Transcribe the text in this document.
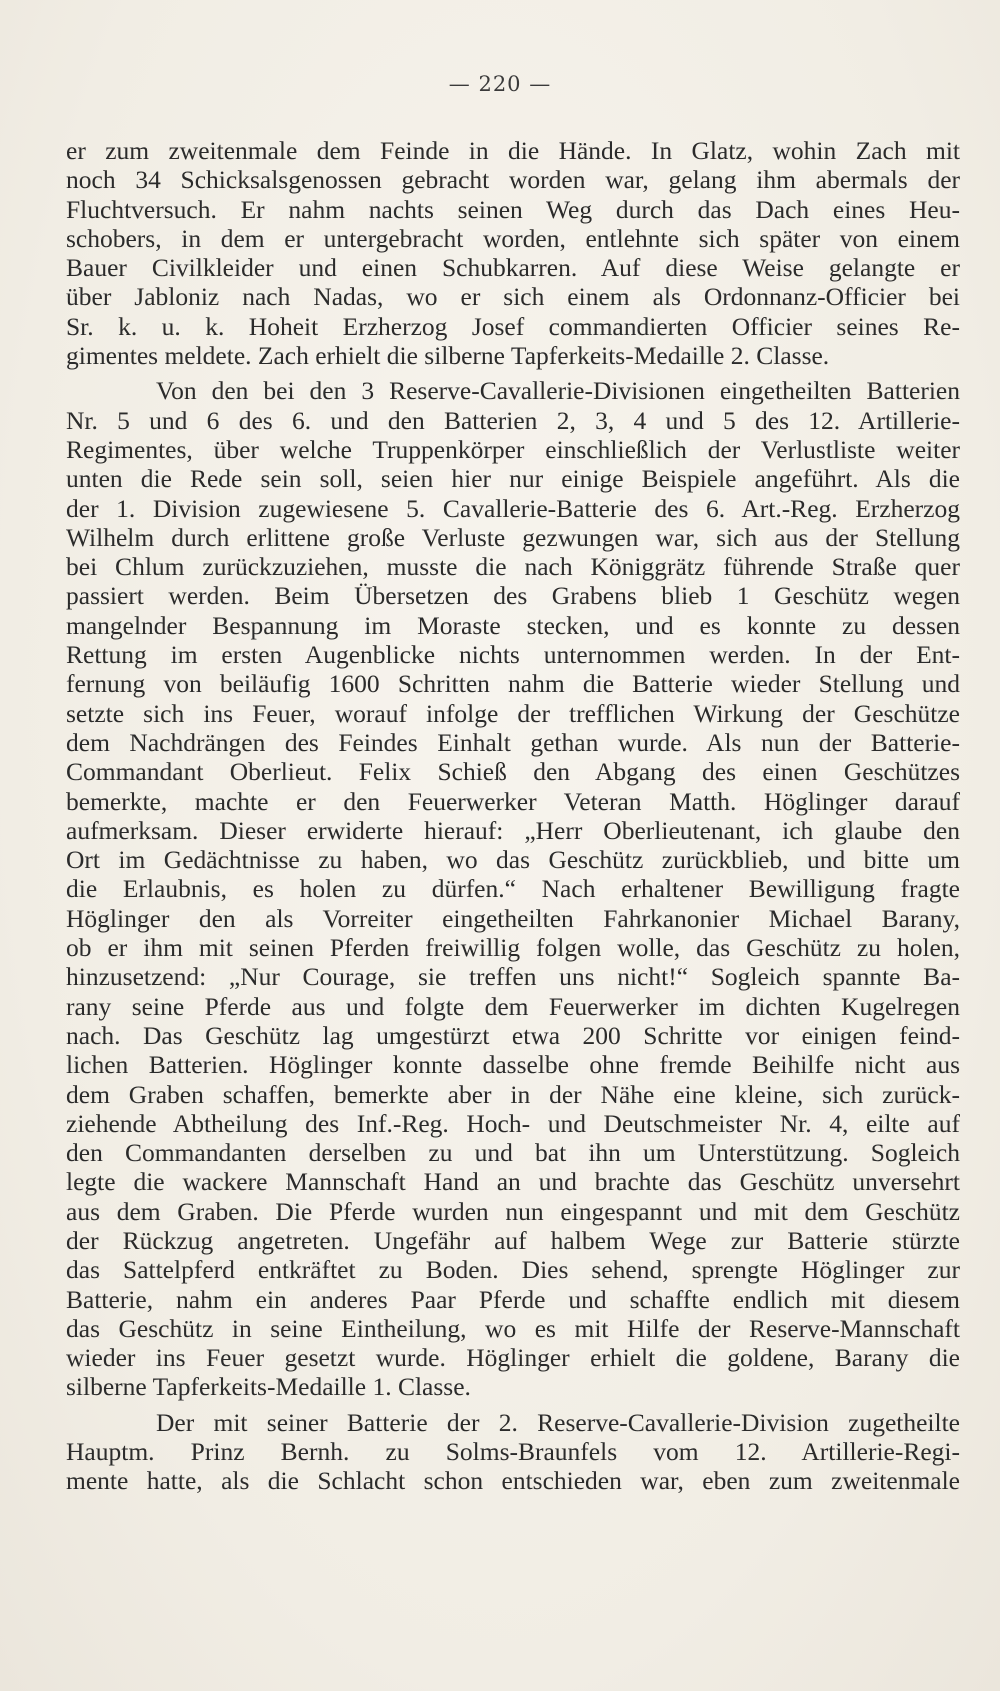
— 220 —
er zum zweitenmale dem Feinde in die Hände. In Glatz, wohin Zach mit
noch 34 Schicksalsgenossen gebracht worden war, gelang ihm abermals der
Fluchtversuch. Er nahm nachts seinen Weg durch das Dach eines Heu-
schobers, in dem er untergebracht worden, entlehnte sich später von einem
Bauer Civilkleider und einen Schubkarren. Auf diese Weise gelangte er
über Jabloniz nach Nadas, wo er sich einem als Ordonnanz-Officier bei
Sr. k. u. k. Hoheit Erzherzog Josef commandierten Officier seines Re-
gimentes meldete. Zach erhielt die silberne Tapferkeits-Medaille 2. Classe.
Von den bei den 3 Reserve-Cavallerie-Divisionen eingetheilten Batterien
Nr. 5 und 6 des 6. und den Batterien 2, 3, 4 und 5 des 12. Artillerie-
Regimentes, über welche Truppenkörper einschließlich der Verlustliste weiter
unten die Rede sein soll, seien hier nur einige Beispiele angeführt. Als die
der 1. Division zugewiesene 5. Cavallerie-Batterie des 6. Art.-Reg. Erzherzog
Wilhelm durch erlittene große Verluste gezwungen war, sich aus der Stellung
bei Chlum zurückzuziehen, musste die nach Königgrätz führende Straße quer
passiert werden. Beim Übersetzen des Grabens blieb 1 Geschütz wegen
mangelnder Bespannung im Moraste stecken, und es konnte zu dessen
Rettung im ersten Augenblicke nichts unternommen werden. In der Ent-
fernung von beiläufig 1600 Schritten nahm die Batterie wieder Stellung und
setzte sich ins Feuer, worauf infolge der trefflichen Wirkung der Geschütze
dem Nachdrängen des Feindes Einhalt gethan wurde. Als nun der Batterie-
Commandant Oberlieut. Felix Schieß den Abgang des einen Geschützes
bemerkte, machte er den Feuerwerker Veteran Matth. Höglinger darauf
aufmerksam. Dieser erwiderte hierauf: „Herr Oberlieutenant, ich glaube den
Ort im Gedächtnisse zu haben, wo das Geschütz zurückblieb, und bitte um
die Erlaubnis, es holen zu dürfen.“ Nach erhaltener Bewilligung fragte
Höglinger den als Vorreiter eingetheilten Fahrkanonier Michael Barany,
ob er ihm mit seinen Pferden freiwillig folgen wolle, das Geschütz zu holen,
hinzusetzend: „Nur Courage, sie treffen uns nicht!“ Sogleich spannte Ba-
rany seine Pferde aus und folgte dem Feuerwerker im dichten Kugelregen
nach. Das Geschütz lag umgestürzt etwa 200 Schritte vor einigen feind-
lichen Batterien. Höglinger konnte dasselbe ohne fremde Beihilfe nicht aus
dem Graben schaffen, bemerkte aber in der Nähe eine kleine, sich zurück-
ziehende Abtheilung des Inf.-Reg. Hoch- und Deutschmeister Nr. 4, eilte auf
den Commandanten derselben zu und bat ihn um Unterstützung. Sogleich
legte die wackere Mannschaft Hand an und brachte das Geschütz unversehrt
aus dem Graben. Die Pferde wurden nun eingespannt und mit dem Geschütz
der Rückzug angetreten. Ungefähr auf halbem Wege zur Batterie stürzte
das Sattelpferd entkräftet zu Boden. Dies sehend, sprengte Höglinger zur
Batterie, nahm ein anderes Paar Pferde und schaffte endlich mit diesem
das Geschütz in seine Eintheilung, wo es mit Hilfe der Reserve-Mannschaft
wieder ins Feuer gesetzt wurde. Höglinger erhielt die goldene, Barany die
silberne Tapferkeits-Medaille 1. Classe.
Der mit seiner Batterie der 2. Reserve-Cavallerie-Division zugetheilte
Hauptm. Prinz Bernh. zu Solms-Braunfels vom 12. Artillerie-Regi-
mente hatte, als die Schlacht schon entschieden war, eben zum zweitenmale
